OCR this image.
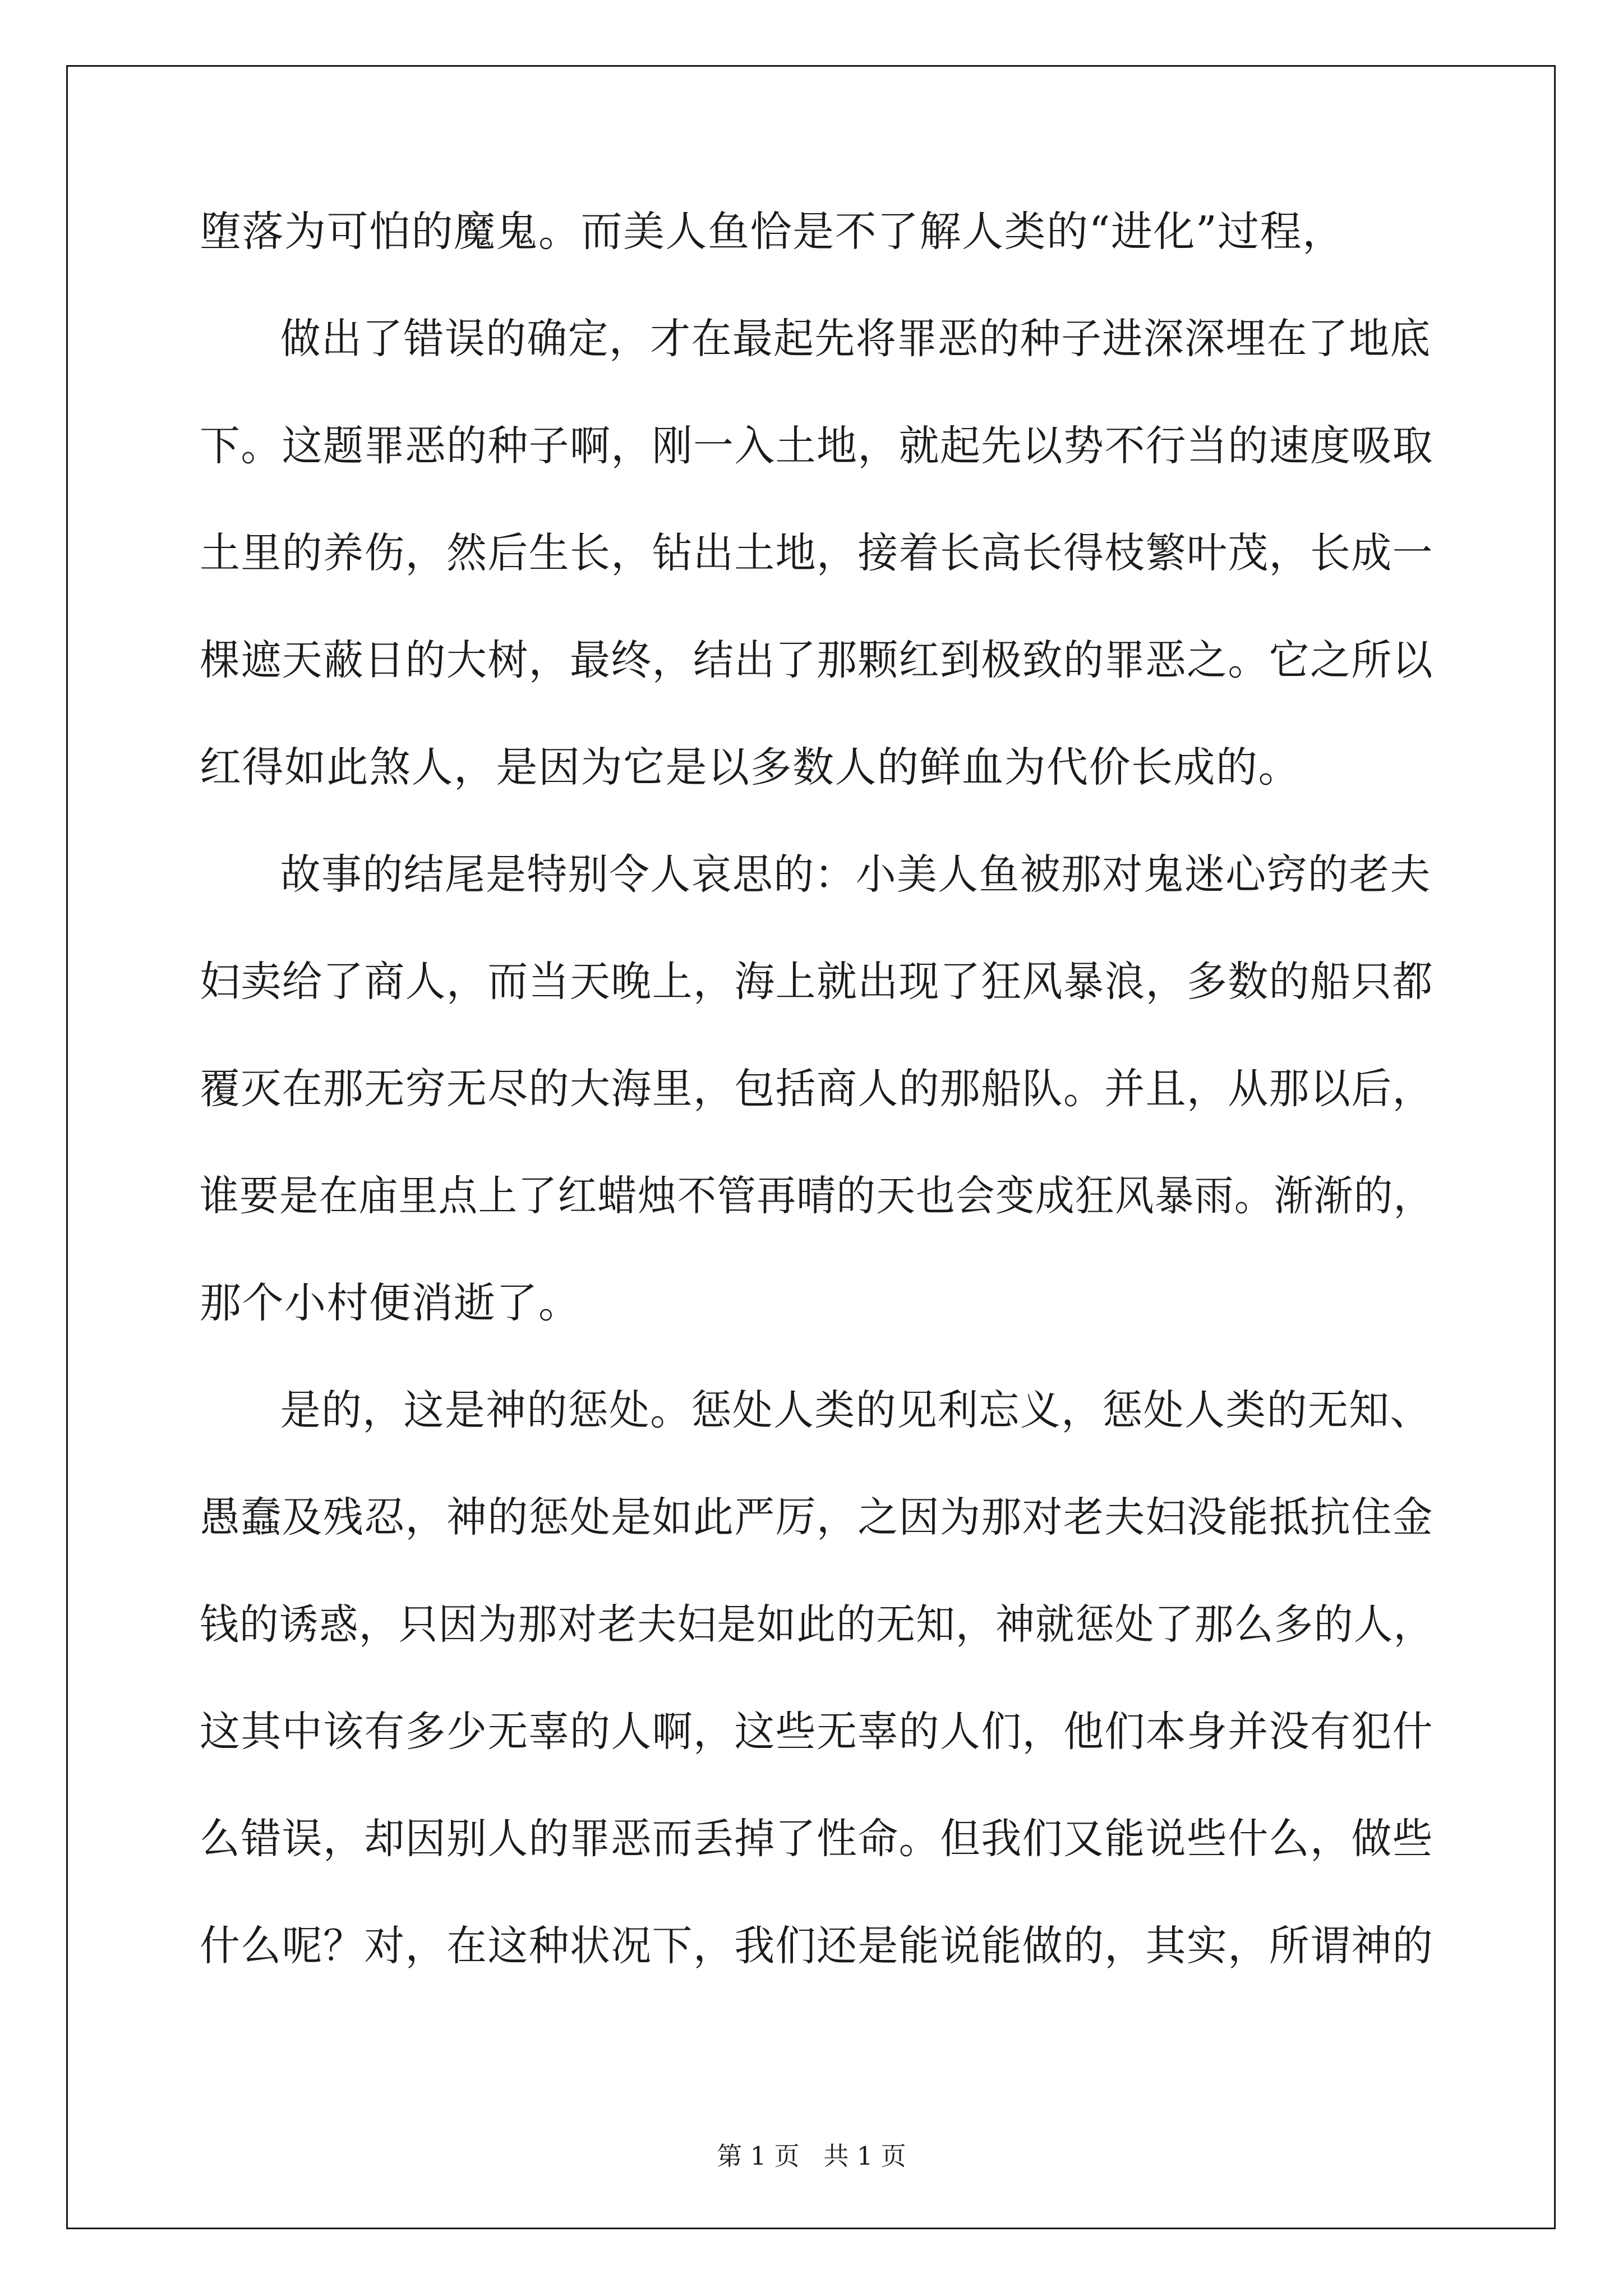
堕落为可怕的魔鬼。而美人鱼恰是不了解人类的“进化”过程，
做出了错误的确定，才在最起先将罪恶的种子进深深埋在了地底
下。这题罪恶的种子啊，刚一入土地，就起先以势不行当的速度吸取
土里的养伤，然后生长，钻出土地，接着长高长得枝繁叶茂，长成一
棵遮天蔽日的大树，最终，结出了那颗红到极致的罪恶之。它之所以
红得如此煞人，是因为它是以多数人的鲜血为代价长成的。
故事的结尾是特别令人哀思的：小美人鱼被那对鬼迷心窍的老夫
妇卖给了商人，而当天晚上，海上就出现了狂风暴浪，多数的船只都
覆灭在那无穷无尽的大海里，包括商人的那船队。并且，从那以后，
谁要是在庙里点上了红蜡烛不管再晴的天也会变成狂风暴雨。渐渐的，
那个小村便消逝了。
是的，这是神的惩处。惩处人类的见利忘义，惩处人类的无知、
愚蠢及残忍，神的惩处是如此严厉，之因为那对老夫妇没能抵抗住金
钱的诱惑，只因为那对老夫妇是如此的无知，神就惩处了那么多的人，
这其中该有多少无辜的人啊，这些无辜的人们，他们本身并没有犯什
么错误，却因别人的罪恶而丢掉了性命。但我们又能说些什么，做些
什么呢？对，在这种状况下，我们还是能说能做的，其实，所谓神的
第 1 页   共 1 页
